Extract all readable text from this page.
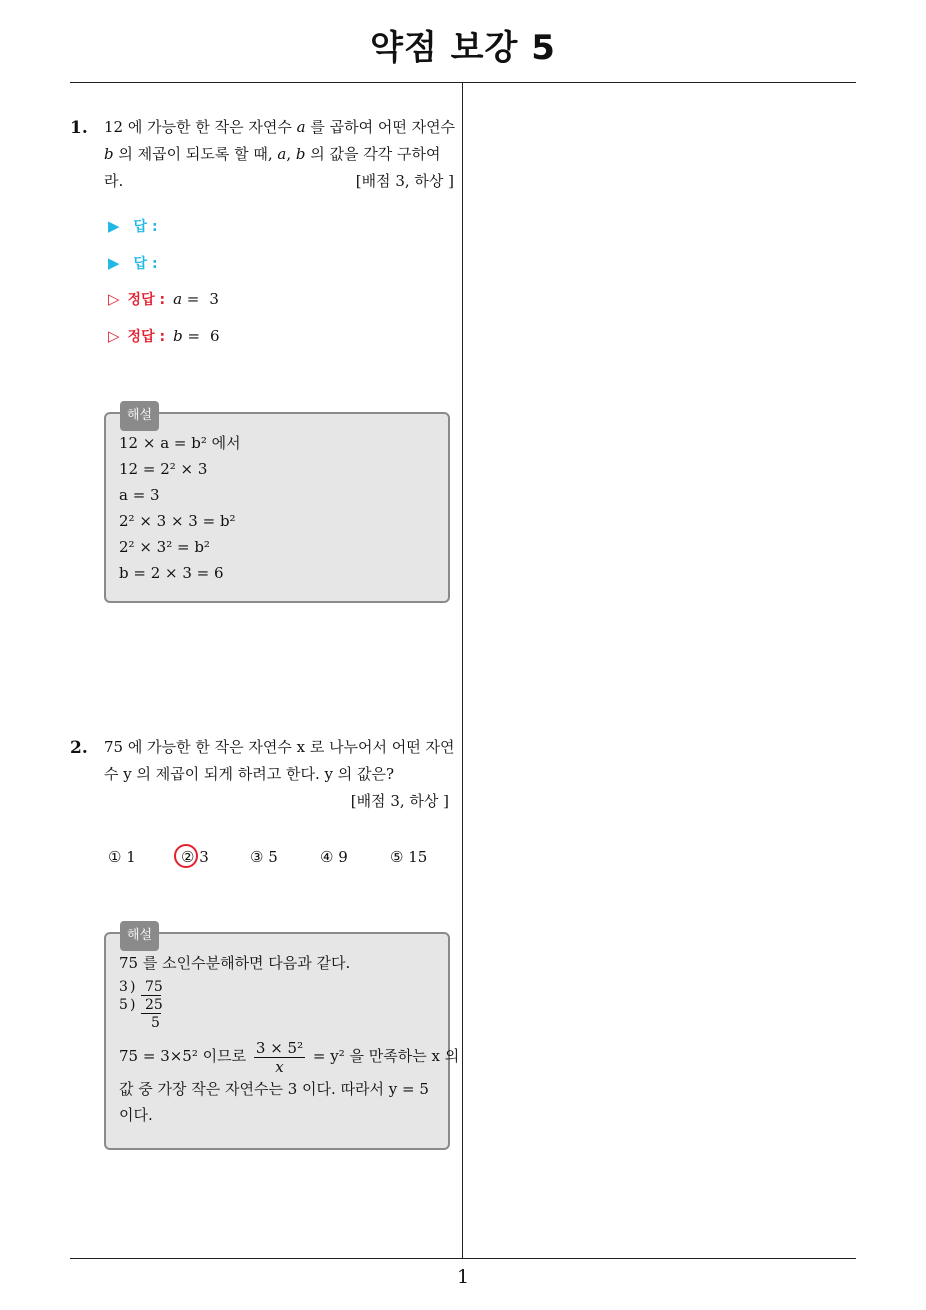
약점 보강 5
1
1. 12 에 가능한 한 작은 자연수 a 를 곱하여 어떤 자연수
b 의 제곱이 되도록 할 때, a, b 의 값을 각각 구하여라.	[배점 3, 하상 ]
▶ 답 :
▶ 답 :
▷ 정답 : a = 3
▷ 정답 : b = 6
해설
12 × a = b² 에서
12 = 2² × 3
a = 3
2² × 3 × 3 = b²
2² × 3² = b²
b = 2 × 3 = 6
2. 75 에 가능한 한 작은 자연수 x 로 나누어서 어떤 자연
수 y 의 제곱이 되게 하려고 한다. y 의 값은?
[배점 3, 하상 ]
① 1	② 3	③ 5	④ 9	⑤ 15
해설
75 를 소인수분해하면 다음과 같다.
3 ) 75
5 ) 25
5
75 = 3×5² 이므로 $\frac{\text{3 × 5²}}{x} = y^2$ 을 만족하는 x 의
값 중 가장 작은 자연수는 3 이다. 따라서 y = 5
이다.
